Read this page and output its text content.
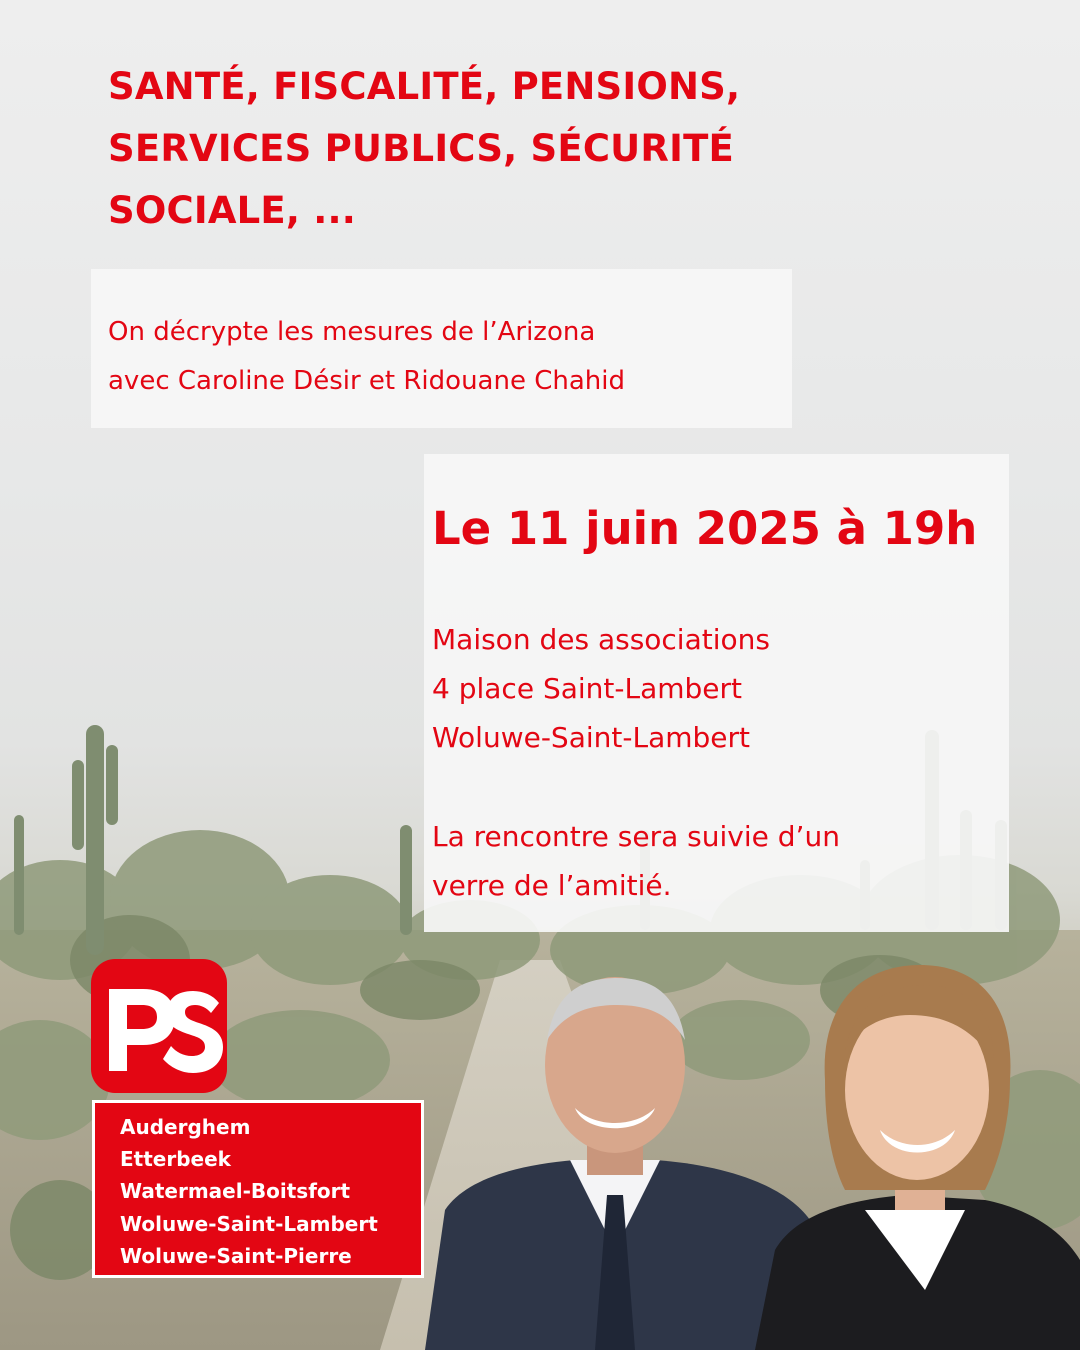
SANTÉ, FISCALITÉ, PENSIONS, SERVICES PUBLICS, SÉCURITÉ SOCIALE, ...
On décrypte les mesures de l’Arizona
avec Caroline Désir et Ridouane Chahid
Le 11 juin 2025 à 19h
Maison des associations
4 place Saint-Lambert
Woluwe-Saint-Lambert
La rencontre sera suivie d’un
verre de l’amitié.
Auderghem
Etterbeek
Watermael-Boitsfort
Woluwe-Saint-Lambert
Woluwe-Saint-Pierre
